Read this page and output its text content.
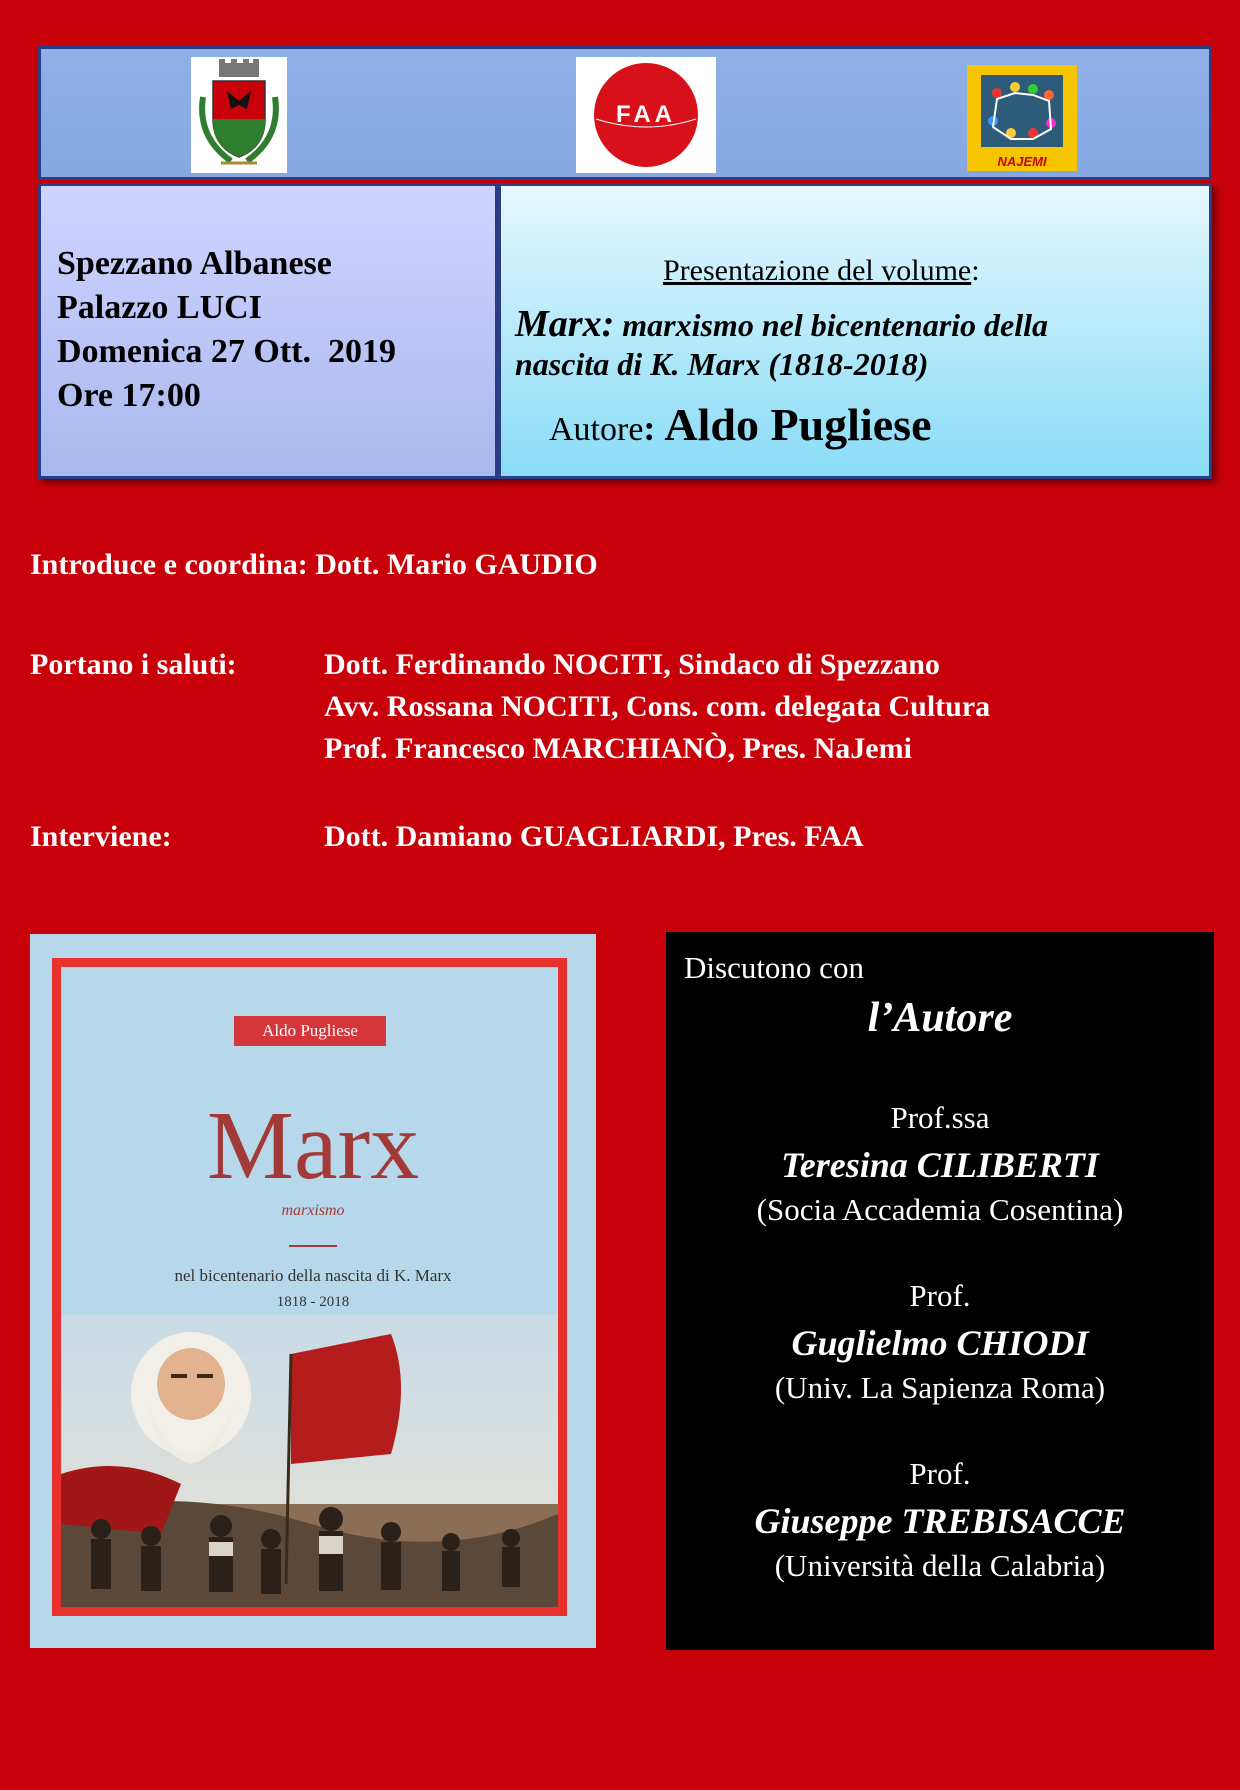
FAA
NAJEMI
Spezzano Albanese
Palazzo LUCI
Domenica 27 Ott.  2019
Ore 17:00
Presentazione del volume:
Marx: marxismo nel bicentenario della
nascita di K. Marx (1818-2018)
Autore: Aldo Pugliese
Introduce e coordina: Dott. Mario GAUDIO
Portano i saluti:	Dott. Ferdinando NOCITI, Sindaco di Spezzano
Avv. Rossana NOCITI, Cons. com. delegata Cultura
Prof. Francesco MARCHIANÒ, Pres. NaJemi
Interviene:	Dott. Damiano GUAGLIARDI, Pres. FAA
Aldo Pugliese
Marx
marxismo
nel bicentenario della nascita di K. Marx
1818 - 2018
Discutono con
l’Autore
Prof.ssa
Teresina CILIBERTI
(Socia Accademia Cosentina)
Prof.
Guglielmo CHIODI
(Univ. La Sapienza Roma)
Prof.
Giuseppe TREBISACCE
(Università della Calabria)
